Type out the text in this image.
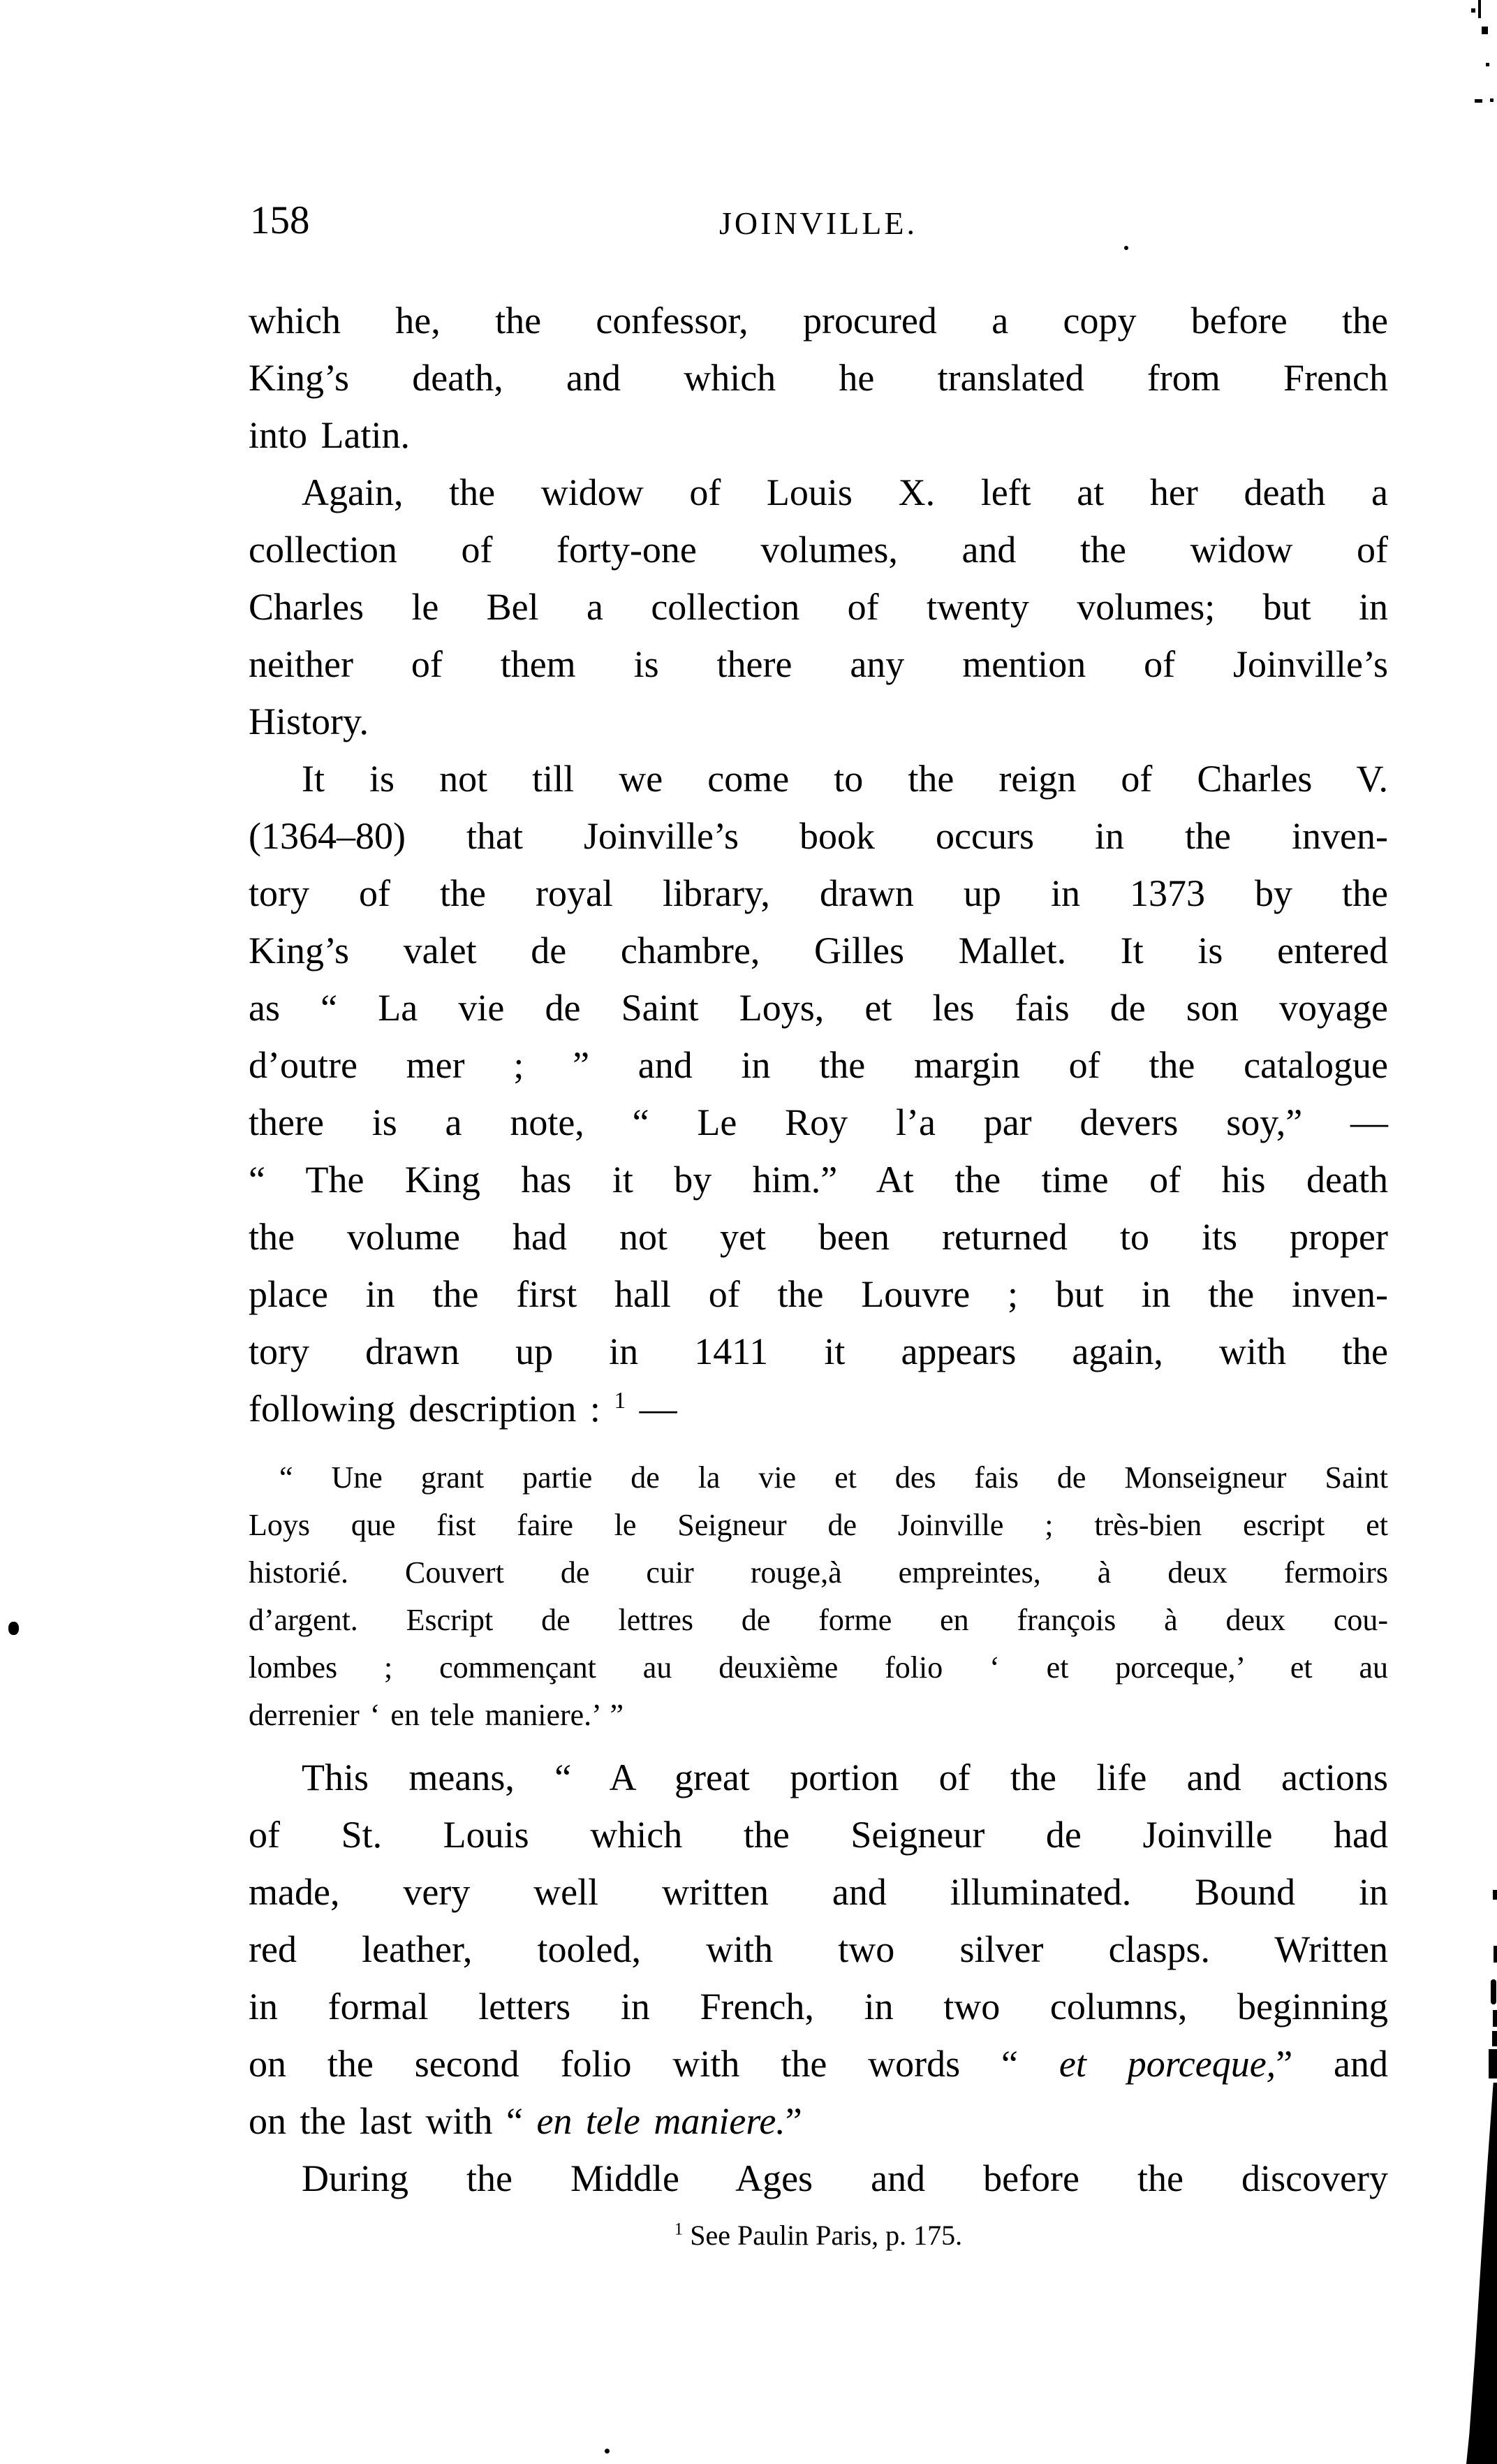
158	JOINVILLE.
which he, the confessor, procured a copy before the
King’s death, and which he translated from French
into Latin.
Again, the widow of Louis X. left at her death a
collection of forty-one volumes, and the widow of
Charles le Bel a collection of twenty volumes; but in
neither of them is there any mention of Joinville’s
History.
It is not till we come to the reign of Charles V.
(1364–80) that Joinville’s book occurs in the inven-
tory of the royal library, drawn up in 1373 by the
King’s valet de chambre, Gilles Mallet. It is entered
as “ La vie de Saint Loys, et les fais de son voyage
d’outre mer ; ” and in the margin of the catalogue
there is a note, “ Le Roy l’a par devers soy,” —
“ The King has it by him.” At the time of his death
the volume had not yet been returned to its proper
place in the first hall of the Louvre ; but in the inven-
tory drawn up in 1411 it appears again, with the
following description : $^1$ —
“ Une grant partie de la vie et des fais de Monseigneur Saint
Loys que fist faire le Seigneur de Joinville ; très-bien escript et
historié. Couvert de cuir rouge,à empreintes, à deux fermoirs
d’argent. Escript de lettres de forme en françois à deux cou-
lombes ; commençant au deuxième folio ‘ et porceque,’ et au
derrenier ‘ en tele maniere.’ ”
This means, “ A great portion of the life and actions
of St. Louis which the Seigneur de Joinville had
made, very well written and illuminated. Bound in
red leather, tooled, with two silver clasps. Written
in formal letters in French, in two columns, beginning
on the second folio with the words “ et porceque,” and
on the last with “ en tele maniere.”
During the Middle Ages and before the discovery
$^1$ See Paulin Paris, p. 175.
